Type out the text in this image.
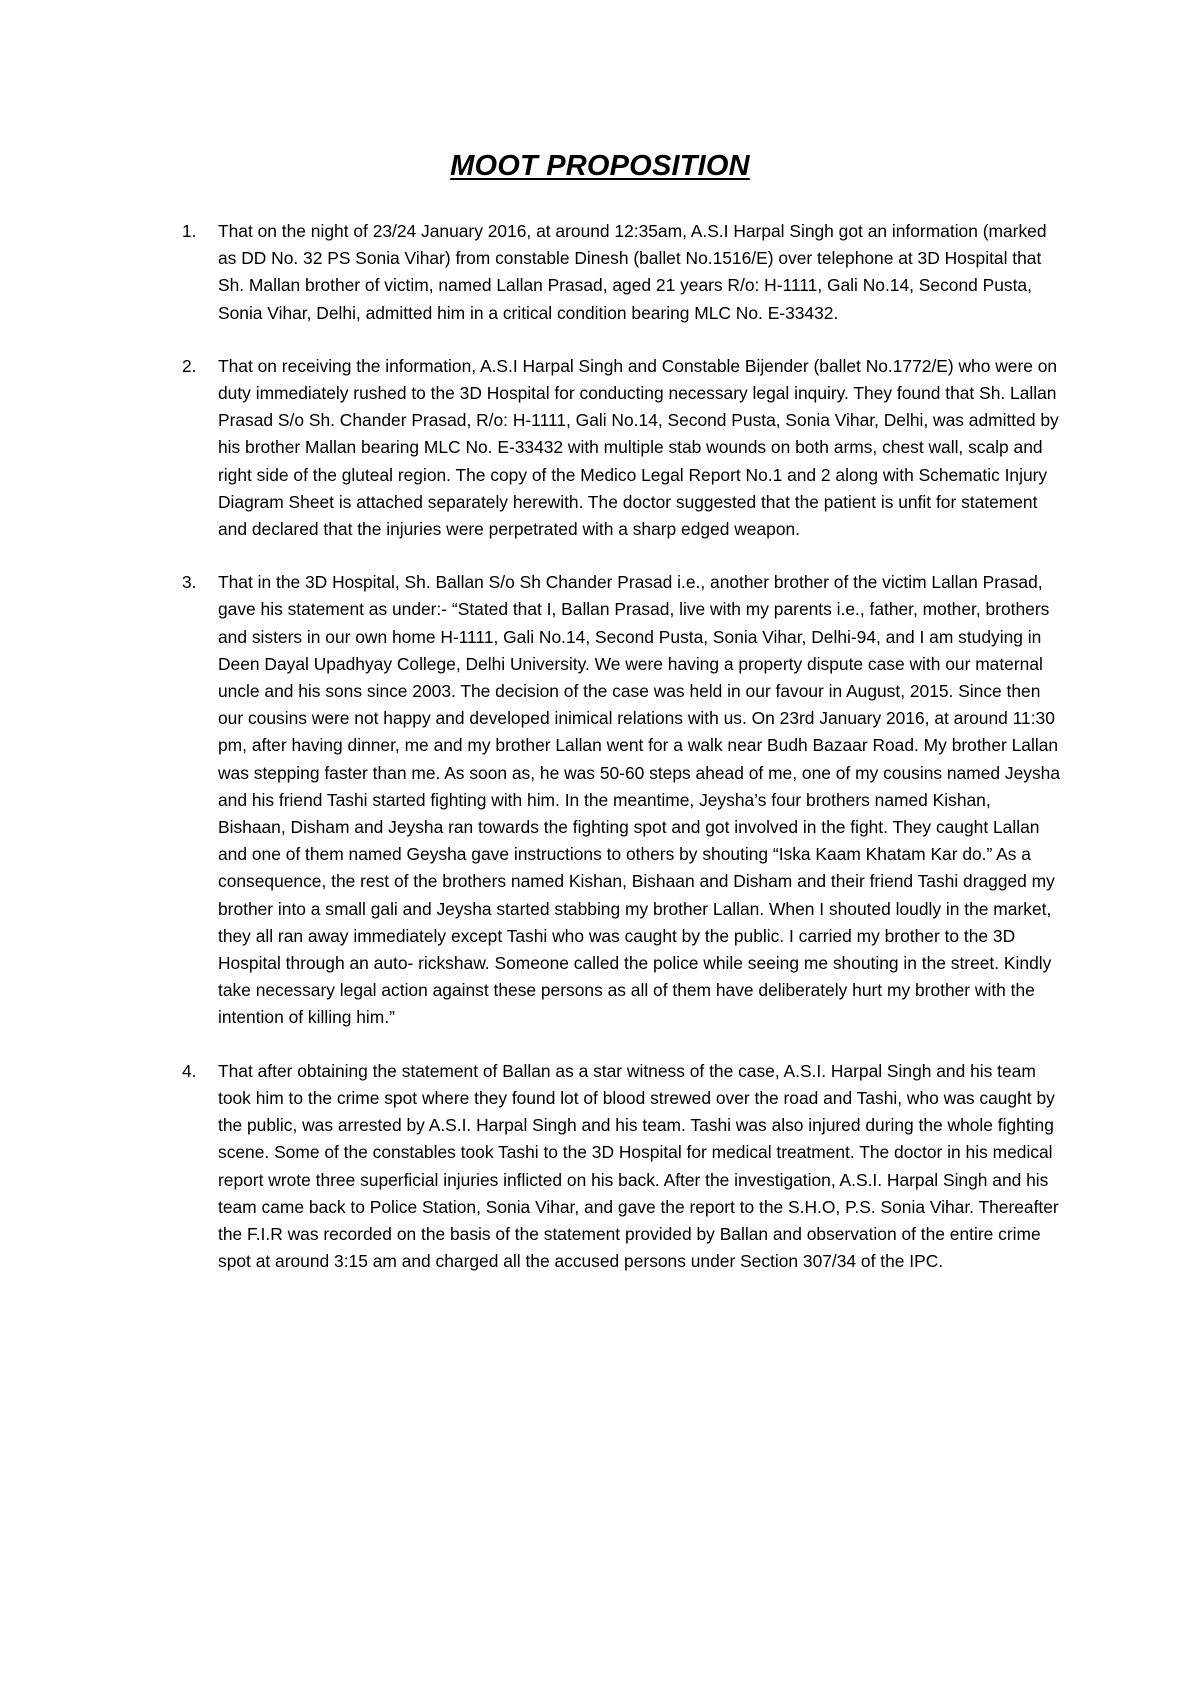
MOOT PROPOSITION
1.	That on the night of 23/24 January 2016, at around 12:35am, A.S.I Harpal Singh got an information (marked as DD No. 32 PS Sonia Vihar) from constable Dinesh (ballet No.1516/E) over telephone at 3D Hospital that Sh. Mallan brother of victim, named Lallan Prasad, aged 21 years R/o: H-1111, Gali No.14, Second Pusta, Sonia Vihar, Delhi, admitted him in a critical condition bearing MLC No. E-33432.
2.	That on receiving the information, A.S.I Harpal Singh and Constable Bijender (ballet No.1772/E) who were on duty immediately rushed to the 3D Hospital for conducting necessary legal inquiry. They found that Sh. Lallan Prasad S/o Sh. Chander Prasad, R/o: H-1111, Gali No.14, Second Pusta, Sonia Vihar, Delhi, was admitted by his brother Mallan bearing MLC No. E-33432 with multiple stab wounds on both arms, chest wall, scalp and right side of the gluteal region. The copy of the Medico Legal Report No.1 and 2 along with Schematic Injury Diagram Sheet is attached separately herewith. The doctor suggested that the patient is unfit for statement and declared that the injuries were perpetrated with a sharp edged weapon.
3.	That in the 3D Hospital, Sh. Ballan S/o Sh Chander Prasad i.e., another brother of the victim Lallan Prasad, gave his statement as under:- “Stated that I, Ballan Prasad, live with my parents i.e., father, mother, brothers and sisters in our own home H-1111, Gali No.14, Second Pusta, Sonia Vihar, Delhi-94, and I am studying in Deen Dayal Upadhyay College, Delhi University. We were having a property dispute case with our maternal uncle and his sons since 2003. The decision of the case was held in our favour in August, 2015. Since then our cousins were not happy and developed inimical relations with us. On 23rd January 2016, at around 11:30 pm, after having dinner, me and my brother Lallan went for a walk near Budh Bazaar Road. My brother Lallan was stepping faster than me. As soon as, he was 50-60 steps ahead of me, one of my cousins named Jeysha and his friend Tashi started fighting with him. In the meantime, Jeysha’s four brothers named Kishan, Bishaan, Disham and Jeysha ran towards the fighting spot and got involved in the fight. They caught Lallan and one of them named Geysha gave instructions to others by shouting “Iska Kaam Khatam Kar do.” As a consequence, the rest of the brothers named Kishan, Bishaan and Disham and their friend Tashi dragged my brother into a small gali and Jeysha started stabbing my brother Lallan. When I shouted loudly in the market, they all ran away immediately except Tashi who was caught by the public. I carried my brother to the 3D Hospital through an auto- rickshaw. Someone called the police while seeing me shouting in the street. Kindly take necessary legal action against these persons as all of them have deliberately hurt my brother with the intention of killing him.”
4.	That after obtaining the statement of Ballan as a star witness of the case, A.S.I. Harpal Singh and his team took him to the crime spot where they found lot of blood strewed over the road and Tashi, who was caught by the public, was arrested by A.S.I. Harpal Singh and his team. Tashi was also injured during the whole fighting scene. Some of the constables took Tashi to the 3D Hospital for medical treatment. The doctor in his medical report wrote three superficial injuries inflicted on his back. After the investigation, A.S.I. Harpal Singh and his team came back to Police Station, Sonia Vihar, and gave the report to the S.H.O, P.S. Sonia Vihar. Thereafter the F.I.R was recorded on the basis of the statement provided by Ballan and observation of the entire crime spot at around 3:15 am and charged all the accused persons under Section 307/34 of the IPC.
